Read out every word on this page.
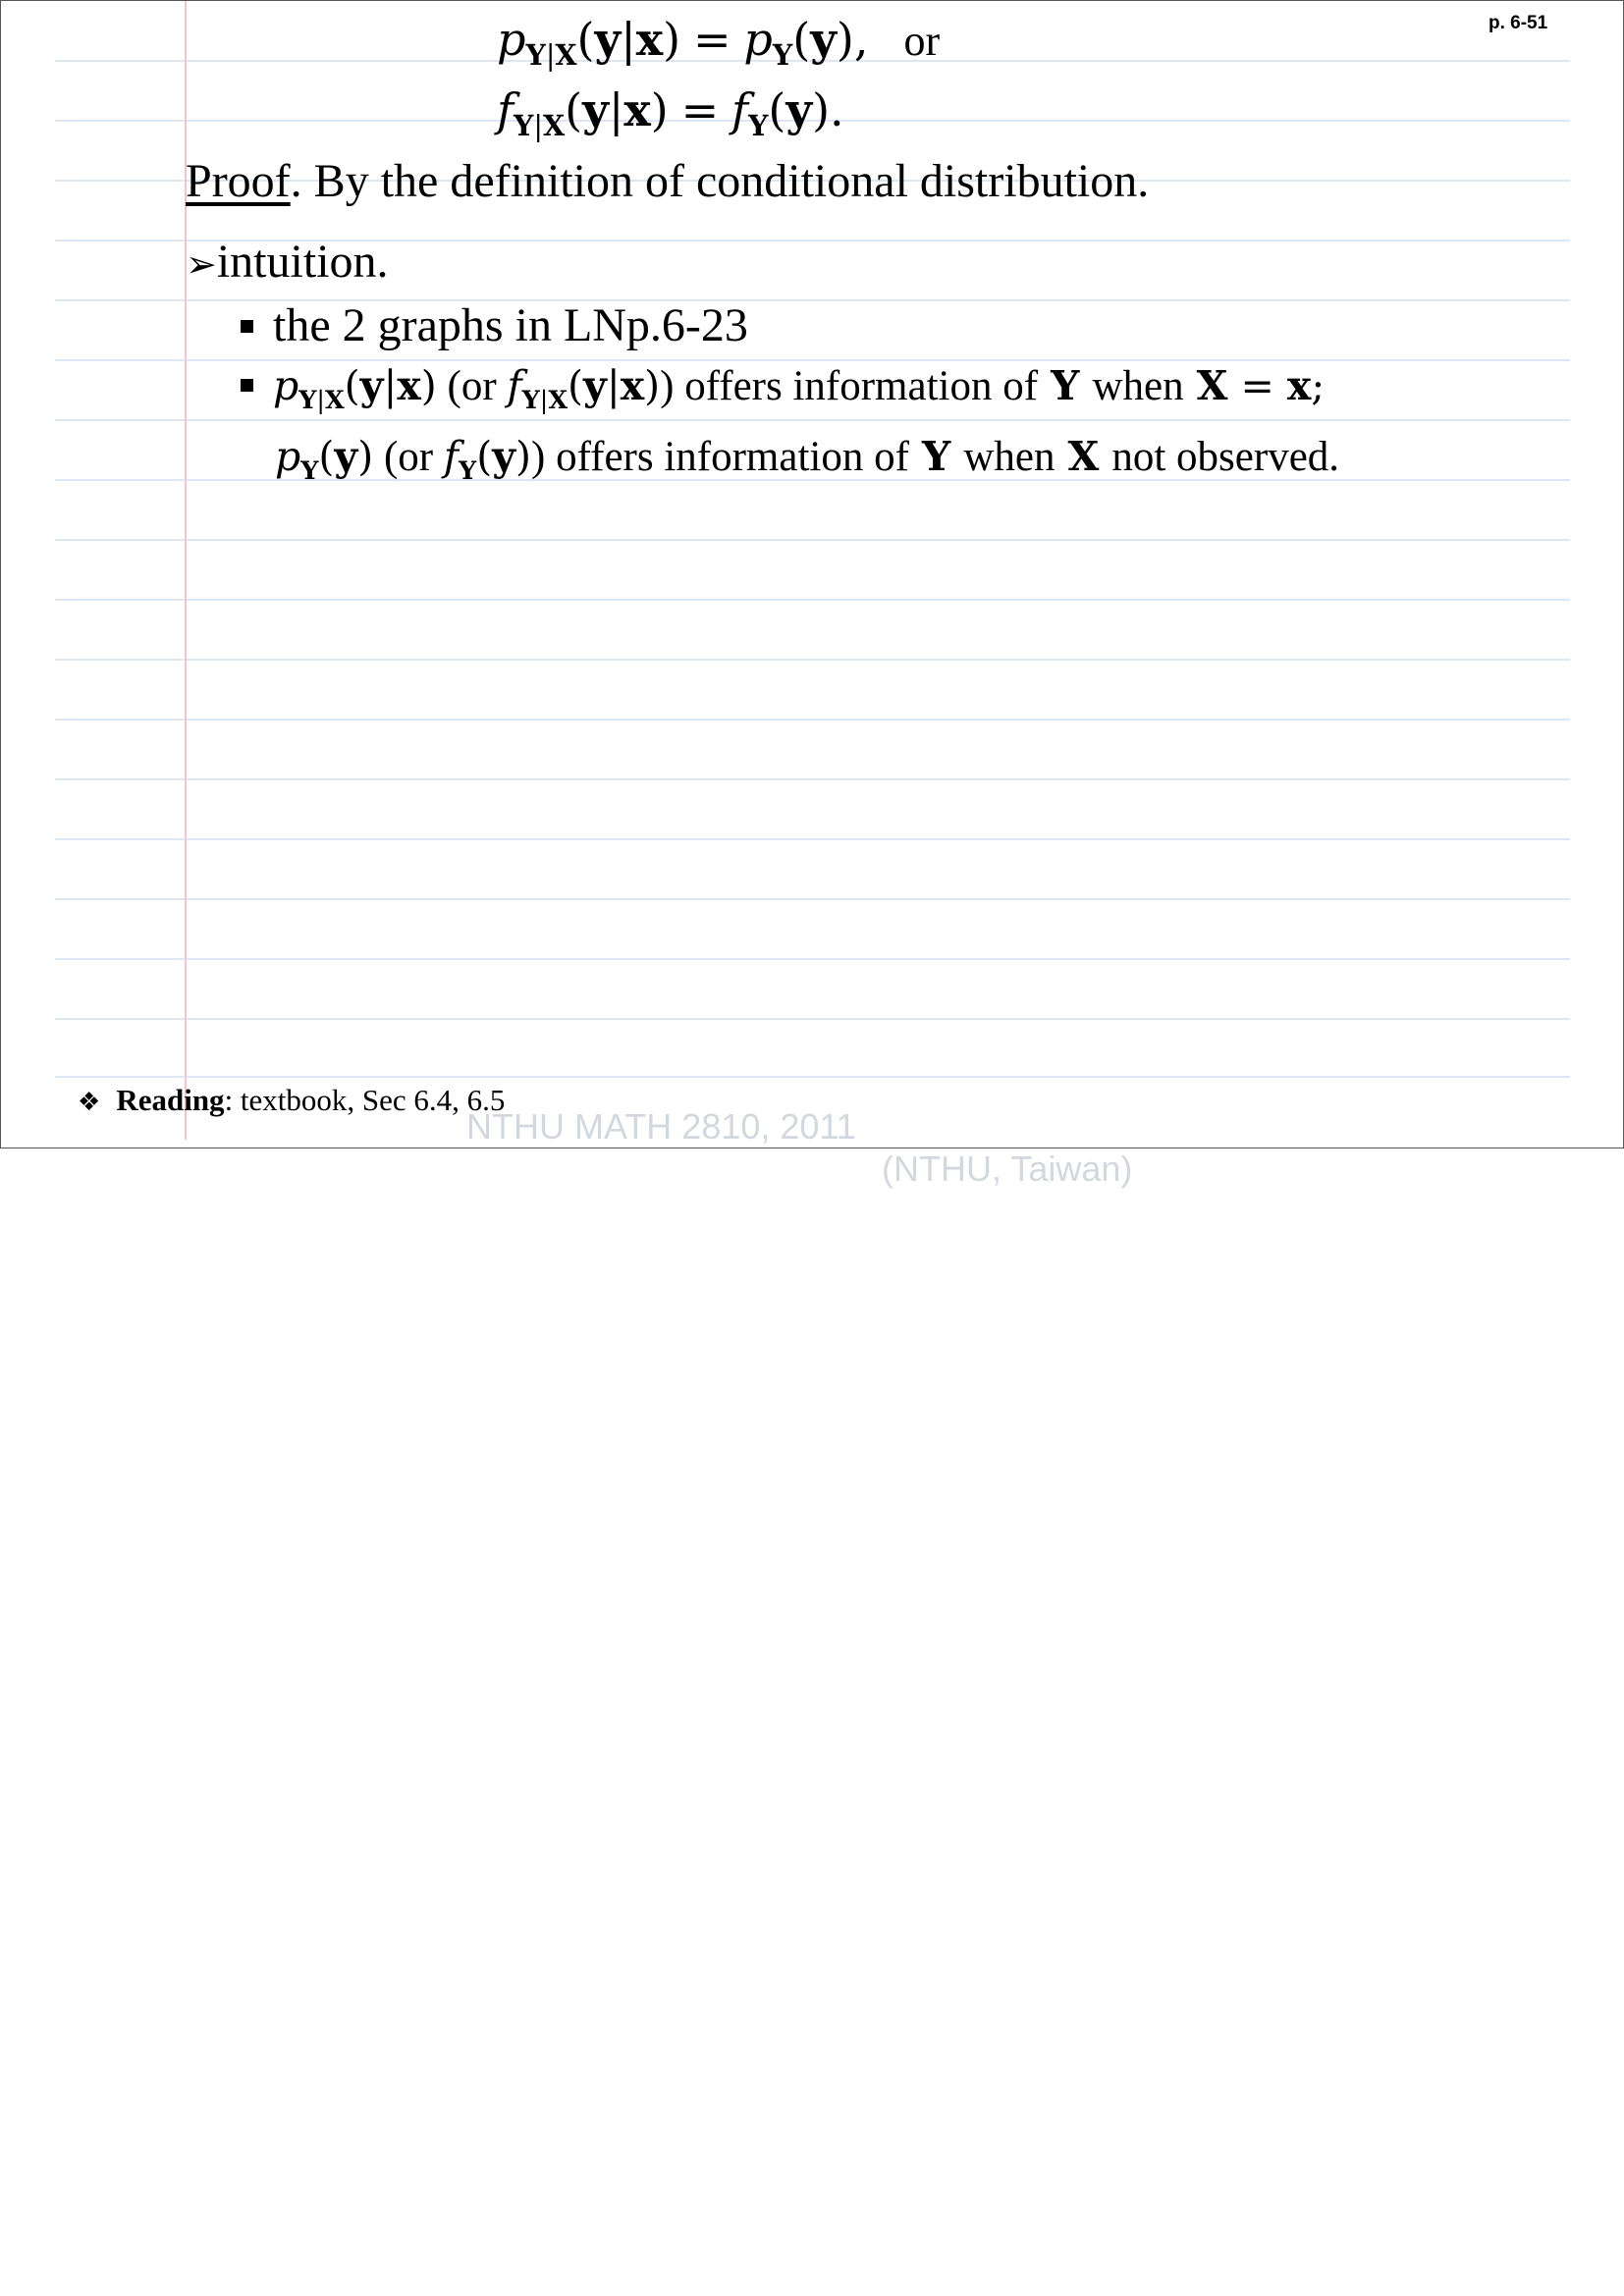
p. 6-51
$p_{Y|X}(y|x) = p_Y(y)$, or
$f_{Y|X}(y|x) = f_Y(y)$.
Proof. By the definition of conditional distribution.
➢intuition.
the 2 graphs in LNp.6-23
$p_{Y|X}(y|x)$ (or $f_{Y|X}(y|x)$) offers information of Y when X = x;
$p_Y(y)$ (or $f_Y(y)$) offers information of Y when X not observed.
❖ Reading: textbook, Sec 6.4, 6.5
NTHU MATH 2810, 2011
(NTHU, Taiwan)
